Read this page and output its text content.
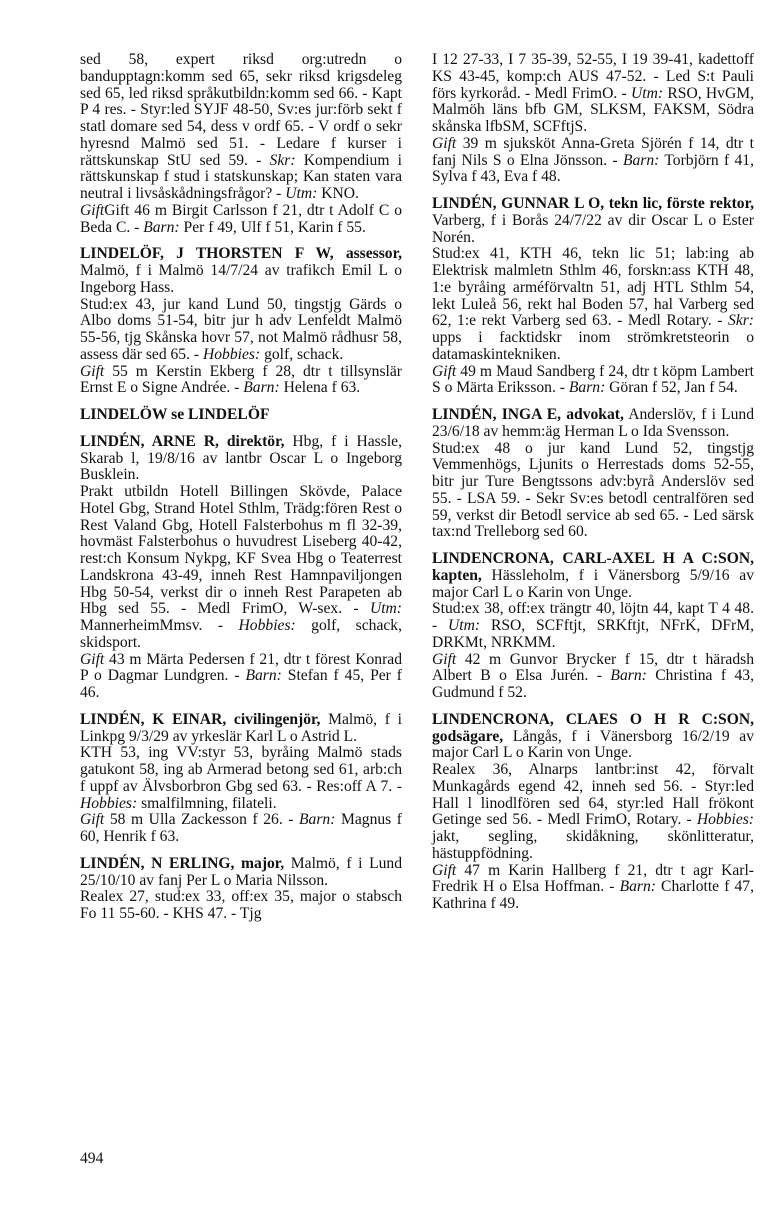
sed 58, expert riksd org:utredn o bandupptagn:komm sed 65, sekr riksd krigsdeleg sed 65, led riksd språkutbildn:komm sed 66. - Kapt P 4 res. - Styr:led SYJF 48-50, Sv:es jur:förb sekt f statl domare sed 54, dess v ordf 65. - V ordf o sekr hyresnd Malmö sed 51. - Ledare f kurser i rättskunskap StU sed 59. - Skr: Kompendium i rättskunskap f stud i statskunskap; Kan staten vara neutral i livsåskådningsfrågor? - Utm: KNO.

GiftGift 46 m Birgit Carlsson f 21, dtr t Adolf C o Beda C. - Barn: Per f 49, Ulf f 51, Karin f 55.

LINDELÖF, J THORSTEN F W, assessor, Malmö, f i Malmö 14/7/24 av trafikch Emil L o Ingeborg Hass.

Stud:ex 43, jur kand Lund 50, tingstjg Gärds o Albo doms 51-54, bitr jur h adv Lenfeldt Malmö 55-56, tjg Skånska hovr 57, not Malmö rådhusr 58, assess där sed 65. - Hobbies: golf, schack.

Gift 55 m Kerstin Ekberg f 28, dtr t tillsynslär Ernst E o Signe Andrée. - Barn: Helena f 63.

LINDELÖW se LINDELÖF

LINDÉN, ARNE R, direktör, Hbg, f i Hassle, Skarab l, 19/8/16 av lantbr Oscar L o Ingeborg Busklein.

Prakt utbildn Hotell Billingen Skövde, Palace Hotel Gbg, Strand Hotel Sthlm, Trädg:fören Rest o Rest Valand Gbg, Hotell Falsterbohus m fl 32-39, hovmäst Falsterbohus o huvudrest Liseberg 40-42, rest:ch Konsum Nykpg, KF Svea Hbg o Teaterrest Landskrona 43-49, inneh Rest Hamnpaviljongen Hbg 50-54, verkst dir o inneh Rest Parapeten ab Hbg sed 55. - Medl FrimO, W-sex. - Utm: MannerheimMmsv. - Hobbies: golf, schack, skidsport.

Gift 43 m Märta Pedersen f 21, dtr t förest Konrad P o Dagmar Lundgren. - Barn: Stefan f 45, Per f 46.

LINDÉN, K EINAR, civilingenjör, Malmö, f i Linkpg 9/3/29 av yrkeslär Karl L o Astrid L.

KTH 53, ing VV:styr 53, byråing Malmö stads gatukont 58, ing ab Armerad betong sed 61, arb:ch f uppf av Älvsborbron Gbg sed 63. - Res:off A 7. - Hobbies: smalfilmning, filateli.

Gift 58 m Ulla Zackesson f 26. - Barn: Magnus f 60, Henrik f 63.

LINDÉN, N ERLING, major, Malmö, f i Lund 25/10/10 av fanj Per L o Maria Nilsson.

Realex 27, stud:ex 33, off:ex 35, major o stabsch Fo 11 55-60. - KHS 47. - Tjg

I 12 27-33, I 7 35-39, 52-55, I 19 39-41, kadettoff KS 43-45, komp:ch AUS 47-52. - Led S:t Pauli förs kyrkoråd. - Medl FrimO. - Utm: RSO, HvGM, Malmöh läns bfb GM, SLKSM, FAKSM, Södra skånska lfbSM, SCFftjS.

Gift 39 m sjuksköt Anna-Greta Sjörén f 14, dtr t fanj Nils S o Elna Jönsson. - Barn: Torbjörn f 41, Sylva f 43, Eva f 48.

LINDÉN, GUNNAR L O, tekn lic, förste rektor, Varberg, f i Borås 24/7/22 av dir Oscar L o Ester Norén.

Stud:ex 41, KTH 46, tekn lic 51; lab:ing ab Elektrisk malmletn Sthlm 46, forskn:ass KTH 48, 1:e byråing arméförvaltn 51, adj HTL Sthlm 54, lekt Luleå 56, rekt hal Boden 57, hal Varberg sed 62, 1:e rekt Varberg sed 63. - Medl Rotary. - Skr: upps i facktidskr inom strömkretsteorin o datamaskintekniken.

Gift 49 m Maud Sandberg f 24, dtr t köpm Lambert S o Märta Eriksson. - Barn: Göran f 52, Jan f 54.

LINDÉN, INGA E, advokat, Anderslöv, f i Lund 23/6/18 av hemm:äg Herman L o Ida Svensson.

Stud:ex 48 o jur kand Lund 52, tingstjg Vemmenhögs, Ljunits o Herrestads doms 52-55, bitr jur Ture Bengtssons adv:byrå Anderslöv sed 55. - LSA 59. - Sekr Sv:es betodl centralfören sed 59, verkst dir Betodl service ab sed 65. - Led särsk tax:nd Trelleborg sed 60.

LINDENCRONA, CARL-AXEL H A C:SON, kapten, Hässleholm, f i Vänersborg 5/9/16 av major Carl L o Karin von Unge.

Stud:ex 38, off:ex trängtr 40, löjtn 44, kapt T 4 48. - Utm: RSO, SCFftjt, SRKftjt, NFrK, DFrM, DRKMt, NRKMM.

Gift 42 m Gunvor Brycker f 15, dtr t häradsh Albert B o Elsa Jurén. - Barn: Christina f 43, Gudmund f 52.

LINDENCRONA, CLAES O H R C:SON, godsägare, Långås, f i Vänersborg 16/2/19 av major Carl L o Karin von Unge.

Realex 36, Alnarps lantbr:inst 42, förvalt Munkagårds egend 42, inneh sed 56. - Styr:led Hall l linodlfören sed 64, styr:led Hall frökont Getinge sed 56. - Medl FrimO, Rotary. - Hobbies: jakt, segling, skidåkning, skönlitteratur, hästuppfödning.

Gift 47 m Karin Hallberg f 21, dtr t agr Karl-Fredrik H o Elsa Hoffman. - Barn: Charlotte f 47, Kathrina f 49.

494
